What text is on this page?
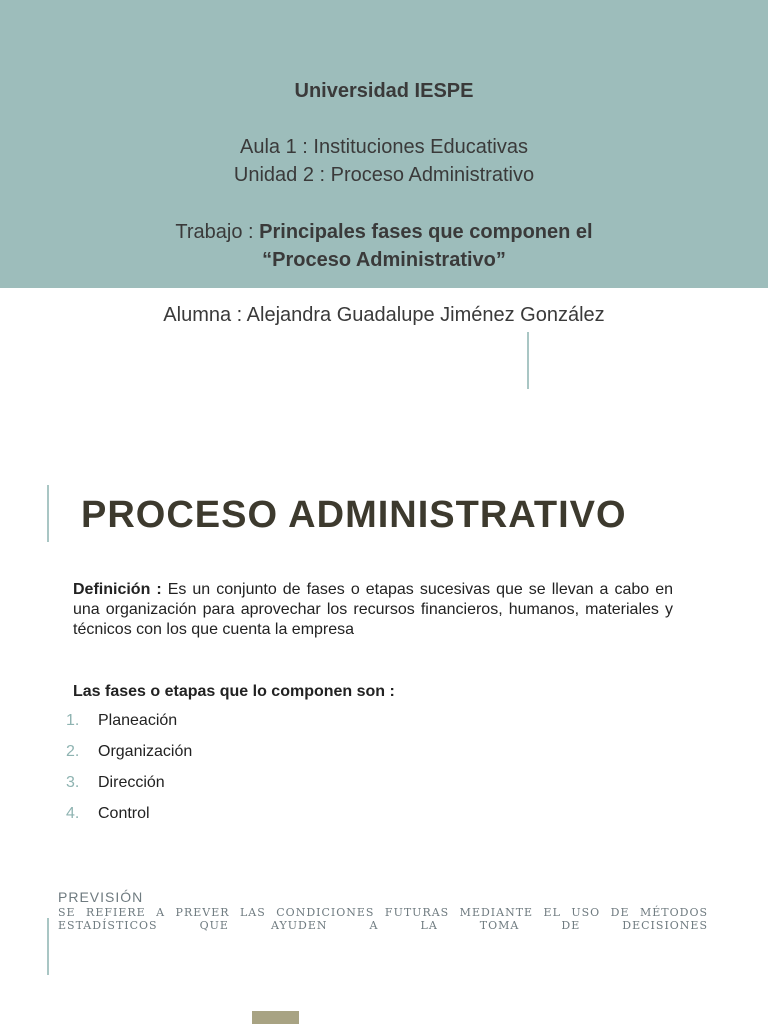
Universidad IESPE
Aula 1 : Instituciones Educativas
Unidad 2 : Proceso Administrativo
Trabajo : Principales fases que componen el
“Proceso Administrativo”
Alumna : Alejandra Guadalupe Jiménez González
PROCESO ADMINISTRATIVO
Definición : Es un conjunto de fases o etapas sucesivas que se llevan a cabo en una organización para aprovechar los recursos financieros, humanos, materiales y técnicos con los que cuenta la empresa
Las fases o etapas que lo componen son :
1. Planeación
2. Organización
3. Dirección
4. Control
PREVISIÓN
SE REFIERE A PREVER LAS CONDICIONES FUTURAS MEDIANTE EL USO DE MÉTODOS
ESTADÍSTICOS QUE AYUDEN A LA TOMA DE DECISIONES
